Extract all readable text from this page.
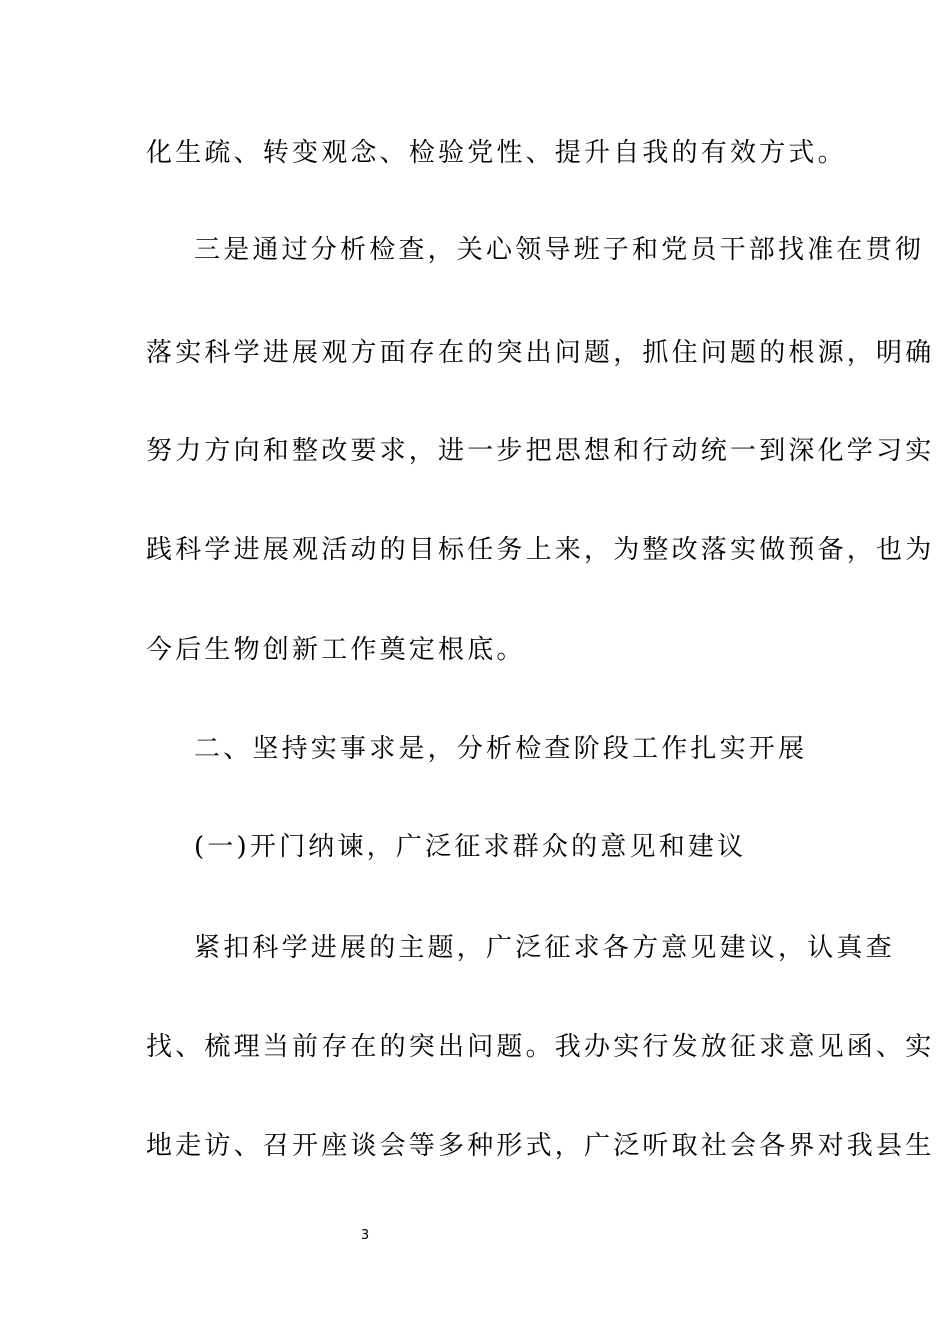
化生疏、转变观念、检验党性、提升自我的有效方式。
三是通过分析检查，关心领导班子和党员干部找准在贯彻
落实科学进展观方面存在的突出问题，抓住问题的根源，明确
努力方向和整改要求，进一步把思想和行动统一到深化学习实
践科学进展观活动的目标任务上来，为整改落实做预备，也为
今后生物创新工作奠定根底。
二、坚持实事求是，分析检查阶段工作扎实开展
(一)开门纳谏，广泛征求群众的意见和建议
紧扣科学进展的主题，广泛征求各方意见建议，认真查
找、梳理当前存在的突出问题。我办实行发放征求意见函、实
地走访、召开座谈会等多种形式，广泛听取社会各界对我县生
3
